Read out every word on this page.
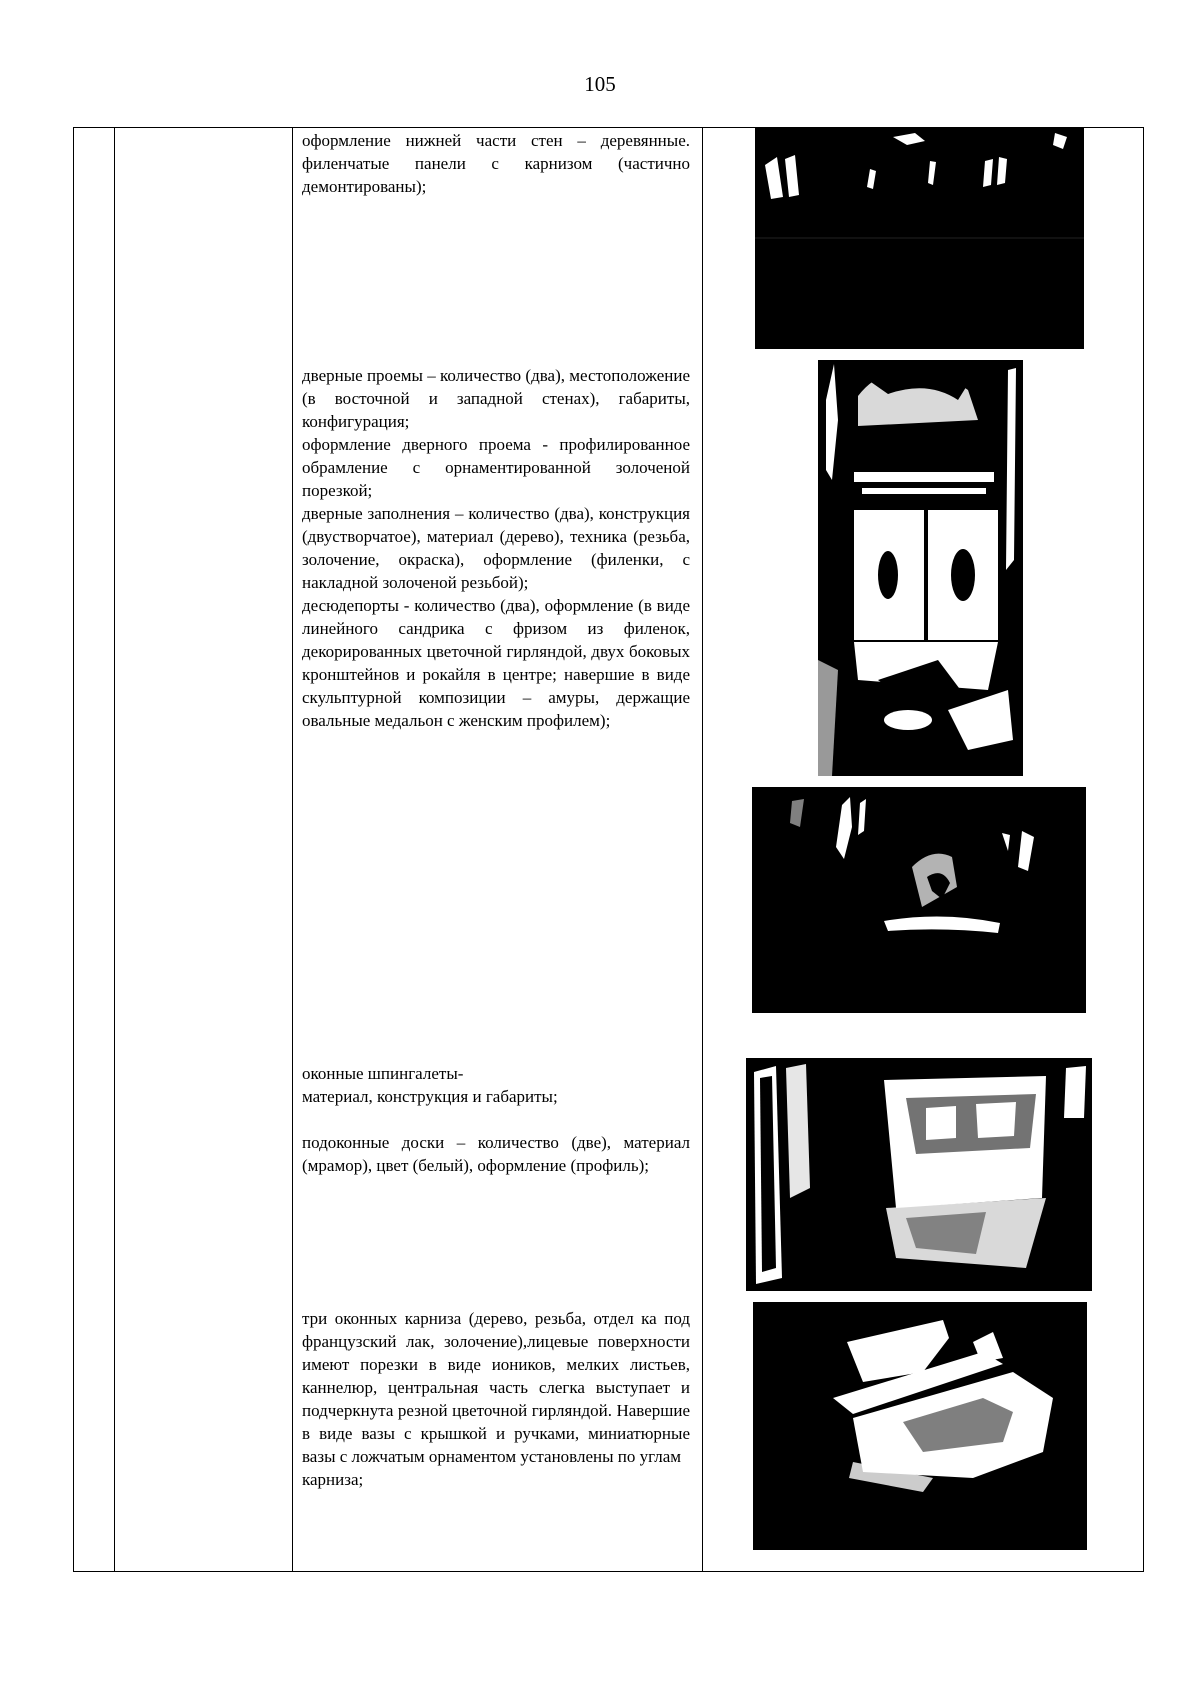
105

оформление нижней части стен – деревянные. филенчатые панели с карнизом (частично демонтированы);

дверные проемы – количество (два), местоположение (в восточной и западной стенах), габариты, конфигурация;

оформление дверного проема - профилированное обрамление с орнаментированной золоченой порезкой;

дверные заполнения – количество (два), конструкция (двустворчатое), материал (дерево), техника (резьба, золочение, окраска), оформление (филенки, с накладной золоченой резьбой);

десюдепорты - количество (два), оформление (в виде линейного сандрика с фризом из филенок, декорированных цветочной гирляндой, двух боковых кронштейнов и рокайля в центре; навершие в виде скульптурной композиции – амуры, держащие овальные медальон с женским профилем);

оконные шпингалеты-

материал, конструкция и габариты;

подоконные доски – количество (две), материал (мрамор), цвет (белый), оформление (профиль);

три оконных карниза (дерево, резьба, отдел ка под французский лак, золочение),лицевые поверхности имеют порезки в виде иоников, мелких листьев, каннелюр, центральная часть слегка выступает и подчеркнута резной цветочной гирляндой. Навершие в виде вазы с крышкой и ручками, миниатюрные вазы с ложчатым орнаментом установлены по углам

карниза;
